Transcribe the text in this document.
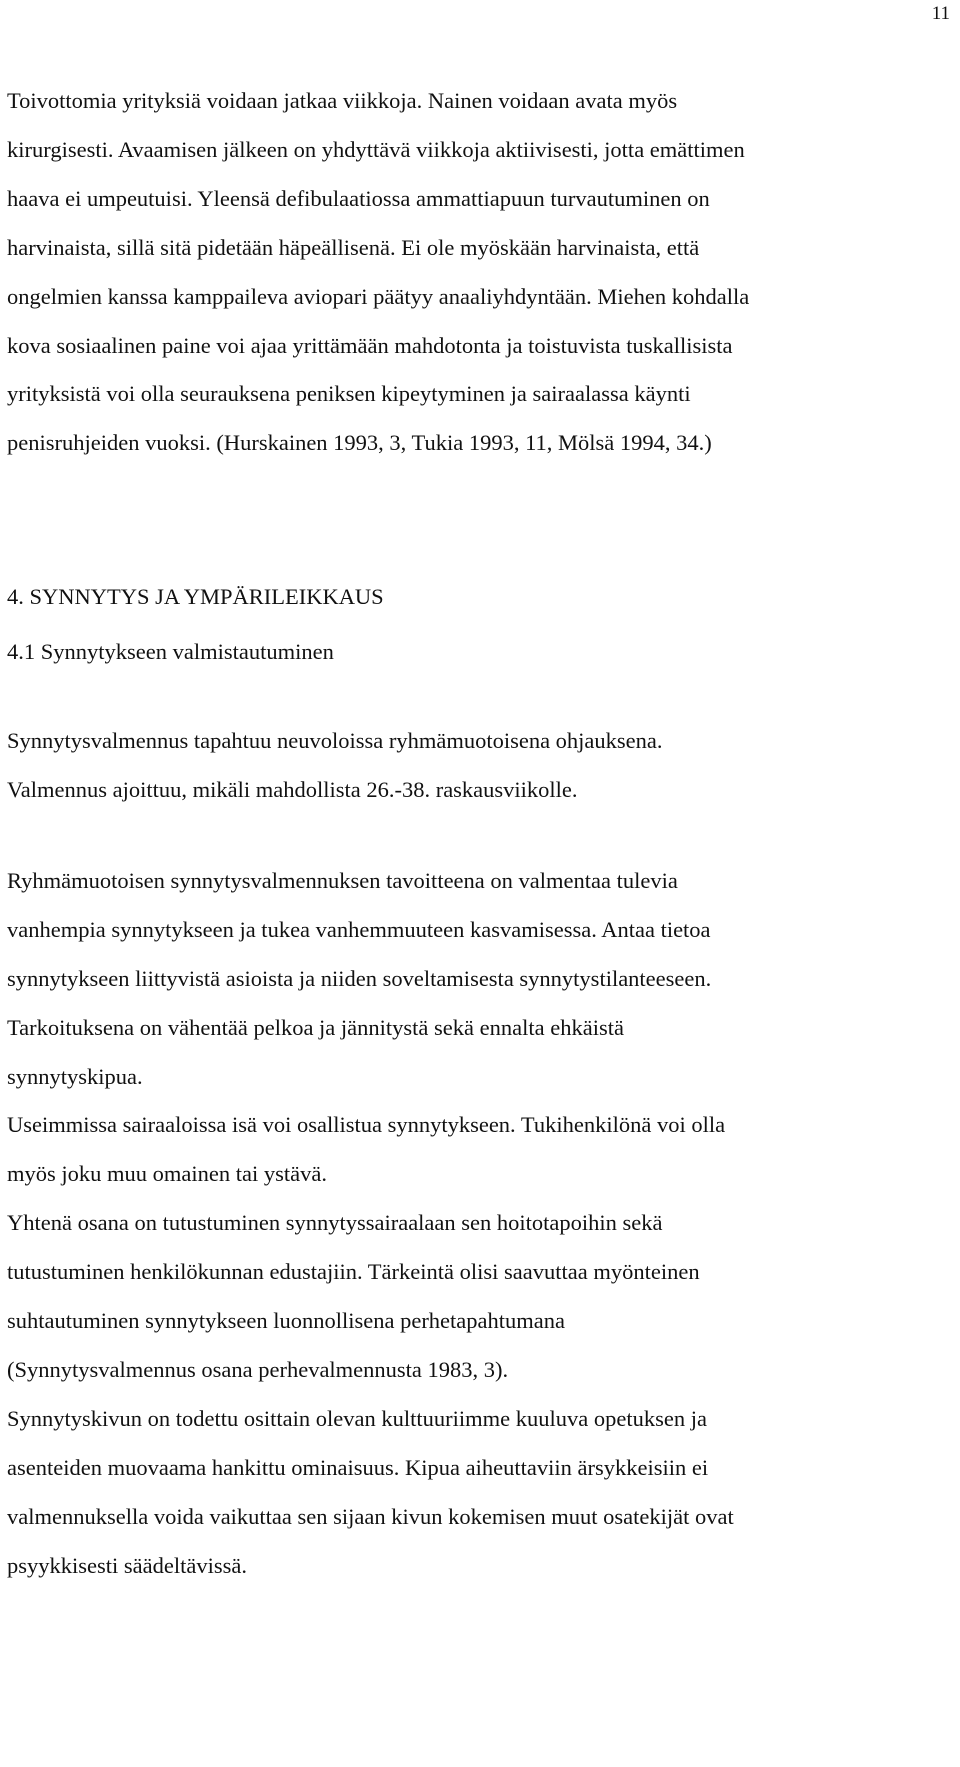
11

Toivottomia yrityksiä voidaan jatkaa viikkoja. Nainen voidaan avata myös
kirurgisesti. Avaamisen jälkeen on yhdyttävä viikkoja aktiivisesti, jotta emättimen
haava ei umpeutuisi. Yleensä defibulaatiossa ammattiapuun turvautuminen on
harvinaista, sillä sitä pidetään häpeällisenä. Ei ole myöskään harvinaista, että
ongelmien kanssa kamppaileva aviopari päätyy anaaliyhdyntään. Miehen kohdalla
kova sosiaalinen paine voi ajaa yrittämään mahdotonta ja toistuvista tuskallisista
yrityksistä voi olla seurauksena peniksen kipeytyminen ja sairaalassa käynti
penisruhjeiden vuoksi. (Hurskainen 1993, 3, Tukia 1993, 11, Mölsä 1994, 34.)

4. SYNNYTYS JA YMPÄRILEIKKAUS
4.1 Synnytykseen valmistautuminen

Synnytysvalmennus tapahtuu neuvoloissa ryhmämuotoisena ohjauksena.
Valmennus ajoittuu, mikäli mahdollista 26.-38. raskausviikolle.

Ryhmämuotoisen synnytysvalmennuksen tavoitteena on valmentaa tulevia
vanhempia synnytykseen ja tukea vanhemmuuteen kasvamisessa. Antaa tietoa
synnytykseen liittyvistä asioista ja niiden soveltamisesta synnytystilanteeseen.
Tarkoituksena on vähentää pelkoa ja jännitystä sekä ennalta ehkäistä
synnytyskipua.

Useimmissa sairaaloissa isä voi osallistua synnytykseen. Tukihenkilönä voi olla
myös joku muu omainen tai ystävä.

Yhtenä osana on tutustuminen synnytyssairaalaan sen hoitotapoihin sekä
tutustuminen henkilökunnan edustajiin. Tärkeintä olisi saavuttaa myönteinen
suhtautuminen synnytykseen luonnollisena perhetapahtumana
(Synnytysvalmennus osana perhevalmennusta 1983, 3).

Synnytyskivun on todettu osittain olevan kulttuuriimme kuuluva opetuksen ja
asenteiden muovaama hankittu ominaisuus. Kipua aiheuttaviin ärsykkeisiin ei
valmennuksella voida vaikuttaa sen sijaan kivun kokemisen muut osatekijät ovat
psyykkisesti säädeltävissä.
